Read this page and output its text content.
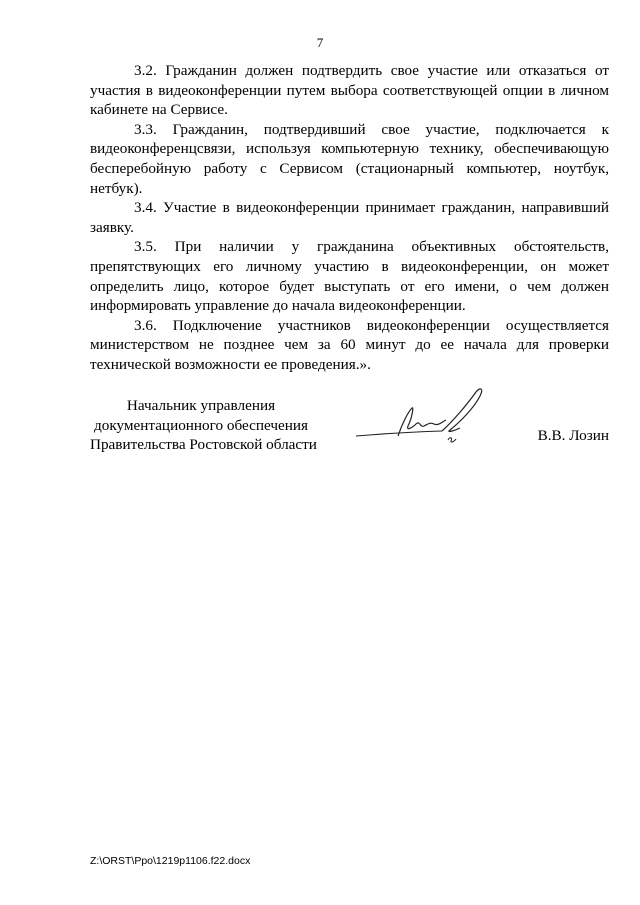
7

3.2. Гражданин должен подтвердить свое участие или отказаться от участия в видеоконференции путем выбора соответствующей опции в личном кабинете на Сервисе.

3.3. Гражданин, подтвердивший свое участие, подключается к видеоконференцсвязи, используя компьютерную технику, обеспечивающую бесперебойную работу с Сервисом (стационарный компьютер, ноутбук, нетбук).

3.4. Участие в видеоконференции принимает гражданин, направивший заявку.

3.5. При наличии у гражданина объективных обстоятельств, препятствующих его личному участию в видеоконференции, он может определить лицо, которое будет выступать от его имени, о чем должен информировать управление до начала видеоконференции.

3.6. Подключение участников видеоконференции осуществляется министерством не позднее чем за 60 минут до ее начала для проверки технической возможности ее проведения.».

Начальник управления
документационного обеспечения
Правительства Ростовской области
В.В. Лозин
Z:\ORST\Ppo\1219p1106.f22.docx
